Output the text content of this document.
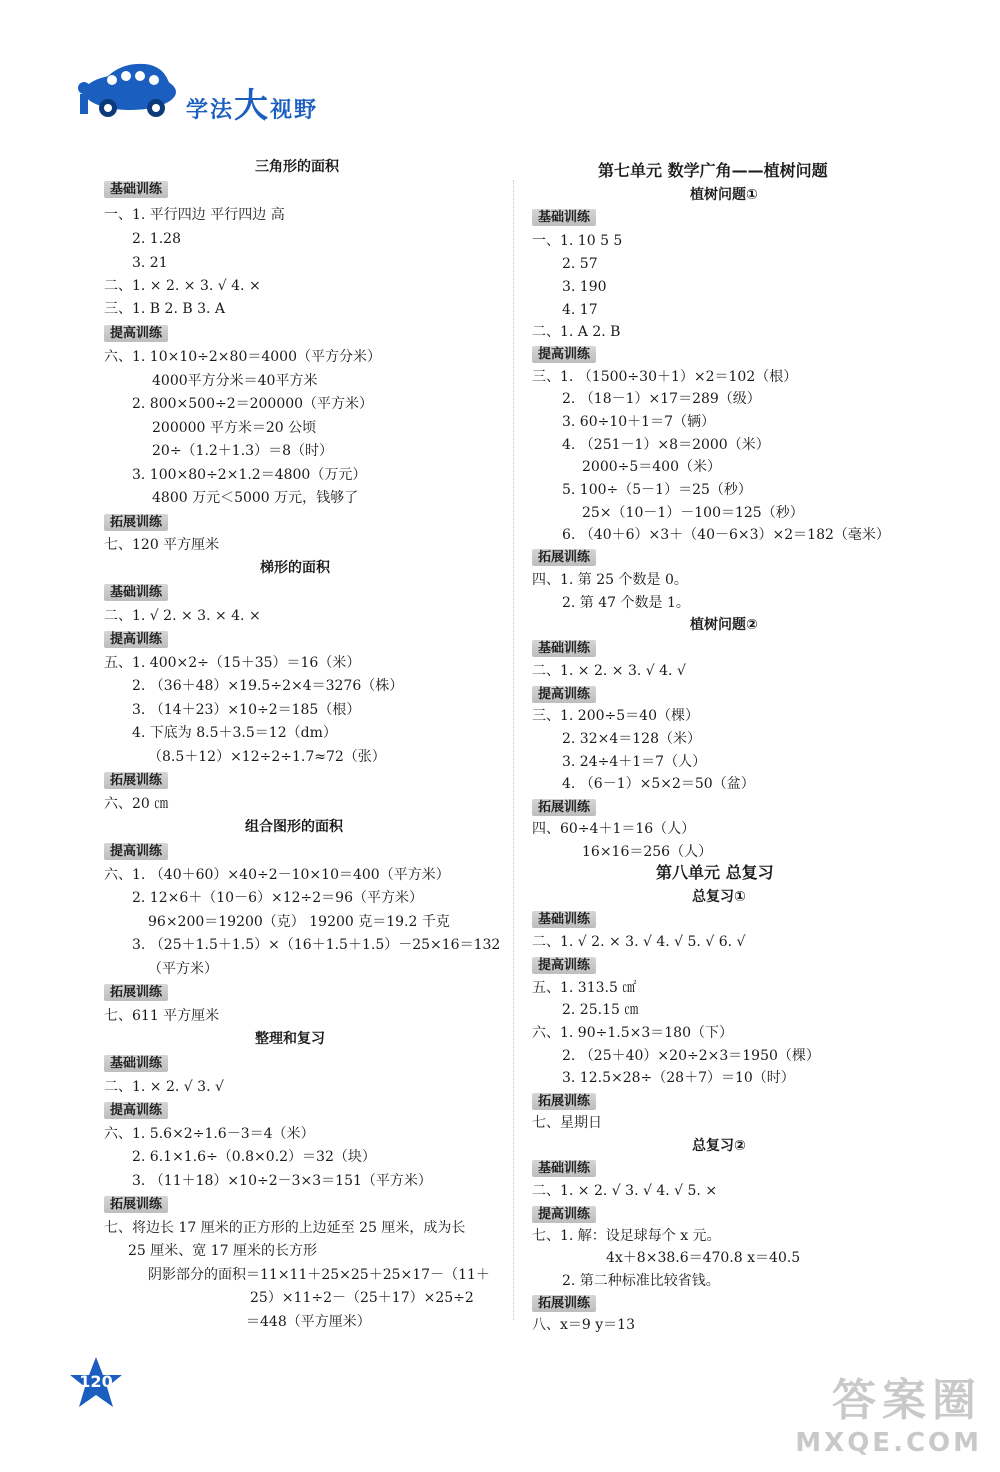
学法大视野
三角形的面积
基础训练
一、1. 平行四边 平行四边 高
2. 1.28
3. 21
二、1. × 2. × 3. √ 4. ×
三、1. B 2. B 3. A
提高训练
六、1. 10×10÷2×80＝4000（平方分米）
4000平方分米＝40平方米
2. 800×500÷2＝200000（平方米）
200000 平方米＝20 公顷
20÷（1.2＋1.3）＝8（时）
3. 100×80÷2×1.2＝4800（万元）
4800 万元＜5000 万元，钱够了
拓展训练
七、120 平方厘米
梯形的面积
基础训练
二、1. √ 2. × 3. × 4. ×
提高训练
五、1. 400×2÷（15＋35）＝16（米）
2. （36＋48）×19.5÷2×4＝3276（株）
3. （14＋23）×10÷2＝185（根）
4. 下底为 8.5＋3.5＝12（dm）
（8.5＋12）×12÷2÷1.7≈72（张）
拓展训练
六、20 ㎝
组合图形的面积
提高训练
六、1. （40＋60）×40÷2－10×10＝400（平方米）
2. 12×6＋（10－6）×12÷2＝96（平方米）
96×200＝19200（克） 19200 克＝19.2 千克
3. （25＋1.5＋1.5）×（16＋1.5＋1.5）－25×16＝132
（平方米）
拓展训练
七、611 平方厘米
整理和复习
基础训练
二、1. × 2. √ 3. √
提高训练
六、1. 5.6×2÷1.6－3＝4（米）
2. 6.1×1.6÷（0.8×0.2）＝32（块）
3. （11＋18）×10÷2－3×3＝151（平方米）
拓展训练
七、将边长 17 厘米的正方形的上边延至 25 厘米，成为长
25 厘米、宽 17 厘米的长方形
阴影部分的面积＝11×11＋25×25＋25×17－（11＋
25）×11÷2－（25＋17）×25÷2
＝448（平方厘米）
第七单元 数学广角——植树问题
植树问题①
基础训练
一、1. 10 5 5
2. 57
3. 190
4. 17
二、1. A 2. B
提高训练
三、1. （1500÷30＋1）×2＝102（根）
2. （18－1）×17＝289（级）
3. 60÷10＋1＝7（辆）
4. （251－1）×8＝2000（米）
2000÷5＝400（米）
5. 100÷（5－1）＝25（秒）
25×（10－1）－100＝125（秒）
6. （40＋6）×3＋（40－6×3）×2＝182（毫米）
拓展训练
四、1. 第 25 个数是 0。
2. 第 47 个数是 1。
植树问题②
基础训练
二、1. × 2. × 3. √ 4. √
提高训练
三、1. 200÷5＝40（棵）
2. 32×4＝128（米）
3. 24÷4＋1＝7（人）
4. （6－1）×5×2＝50（盆）
拓展训练
四、60÷4＋1＝16（人）
16×16＝256（人）
第八单元 总复习
总复习①
基础训练
二、1. √ 2. × 3. √ 4. √ 5. √ 6. √
提高训练
五、1. 313.5 ㎠
2. 25.15 ㎝
六、1. 90÷1.5×3＝180（下）
2. （25＋40）×20÷2×3＝1950（棵）
3. 12.5×28÷（28＋7）＝10（时）
拓展训练
七、星期日
总复习②
基础训练
二、1. × 2. √ 3. √ 4. √ 5. ×
提高训练
七、1. 解：设足球每个 x 元。
4x＋8×38.6＝470.8 x＝40.5
2. 第二种标准比较省钱。
拓展训练
八、x＝9 y＝13
120	答案圈
MXQE.COM
